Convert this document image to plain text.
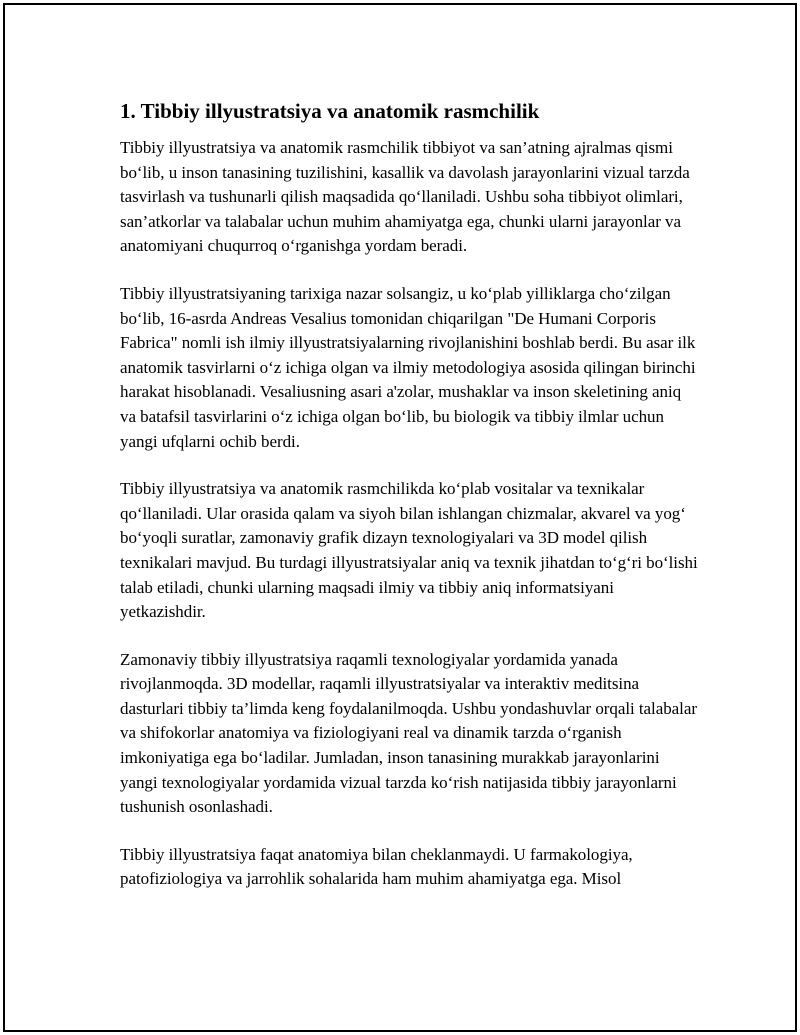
1. Tibbiy illyustratsiya va anatomik rasmchilik

Tibbiy illyustratsiya va anatomik rasmchilik tibbiyot va san’atning ajralmas qismi bo‘lib, u inson tanasining tuzilishini, kasallik va davolash jarayonlarini vizual tarzda tasvirlash va tushunarli qilish maqsadida qo‘llaniladi. Ushbu soha tibbiyot olimlari, san’atkorlar va talabalar uchun muhim ahamiyatga ega, chunki ularni jarayonlar va anatomiyani chuqurroq o‘rganishga yordam beradi.

Tibbiy illyustratsiyaning tarixiga nazar solsangiz, u ko‘plab yilliklarga cho‘zilgan bo‘lib, 16-asrda Andreas Vesalius tomonidan chiqarilgan "De Humani Corporis Fabrica" nomli ish ilmiy illyustratsiyalarning rivojlanishini boshlab berdi. Bu asar ilk anatomik tasvirlarni o‘z ichiga olgan va ilmiy metodologiya asosida qilingan birinchi harakat hisoblanadi. Vesaliusning asari a'zolar, mushaklar va inson skeletining aniq va batafsil tasvirlarini o‘z ichiga olgan bo‘lib, bu biologik va tibbiy ilmlar uchun yangi ufqlarni ochib berdi.

Tibbiy illyustratsiya va anatomik rasmchilikda ko‘plab vositalar va texnikalar qo‘llaniladi. Ular orasida qalam va siyoh bilan ishlangan chizmalar, akvarel va yog‘ bo‘yoqli suratlar, zamonaviy grafik dizayn texnologiyalari va 3D model qilish texnikalari mavjud. Bu turdagi illyustratsiyalar aniq va texnik jihatdan to‘g‘ri bo‘lishi talab etiladi, chunki ularning maqsadi ilmiy va tibbiy aniq informatsiyani yetkazishdir.

Zamonaviy tibbiy illyustratsiya raqamli texnologiyalar yordamida yanada rivojlanmoqda. 3D modellar, raqamli illyustratsiyalar va interaktiv meditsina dasturlari tibbiy ta’limda keng foydalanilmoqda. Ushbu yondashuvlar orqali talabalar va shifokorlar anatomiya va fiziologiyani real va dinamik tarzda o‘rganish imkoniyatiga ega bo‘ladilar. Jumladan, inson tanasining murakkab jarayonlarini yangi texnologiyalar yordamida vizual tarzda ko‘rish natijasida tibbiy jarayonlarni tushunish osonlashadi.

Tibbiy illyustratsiya faqat anatomiya bilan cheklanmaydi. U farmakologiya, patofiziologiya va jarrohlik sohalarida ham muhim ahamiyatga ega. Misol
